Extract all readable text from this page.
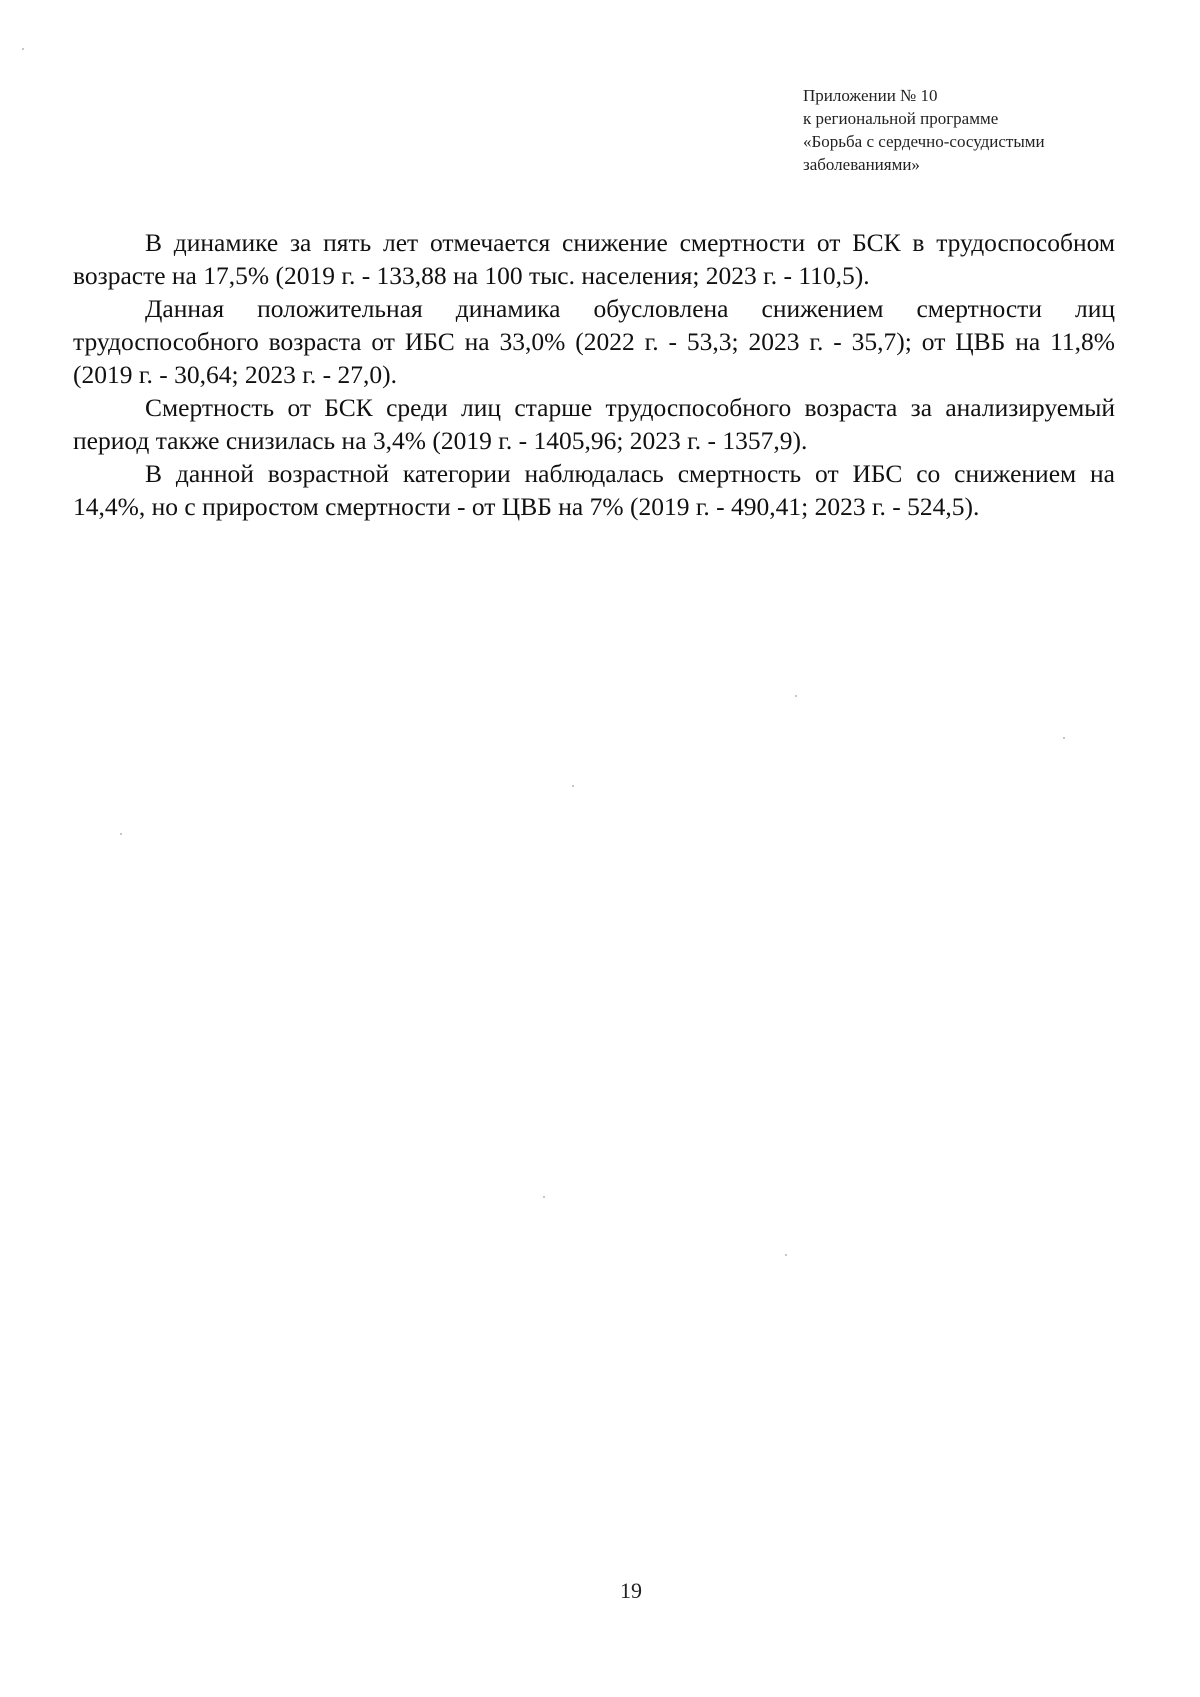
Приложении № 10
к региональной программе
«Борьба с сердечно-сосудистыми
заболеваниями»

В динамике за пять лет отмечается снижение смертности от БСК в трудоспособном возрасте на 17,5% (2019 г. - 133,88 на 100 тыс. населения; 2023 г. - 110,5).

Данная положительная динамика обусловлена снижением смертности лиц трудоспособного возраста от ИБС на 33,0% (2022 г. - 53,3; 2023 г. - 35,7); от ЦВБ на 11,8% (2019 г. - 30,64; 2023 г. - 27,0).

Смертность от БСК среди лиц старше трудоспособного возраста за анализируемый период также снизилась на 3,4% (2019 г. - 1405,96; 2023 г. - 1357,9).

В данной возрастной категории наблюдалась смертность от ИБС со снижением на 14,4%, но с приростом смертности - от ЦВБ на 7% (2019 г. - 490,41; 2023 г. - 524,5).

19
